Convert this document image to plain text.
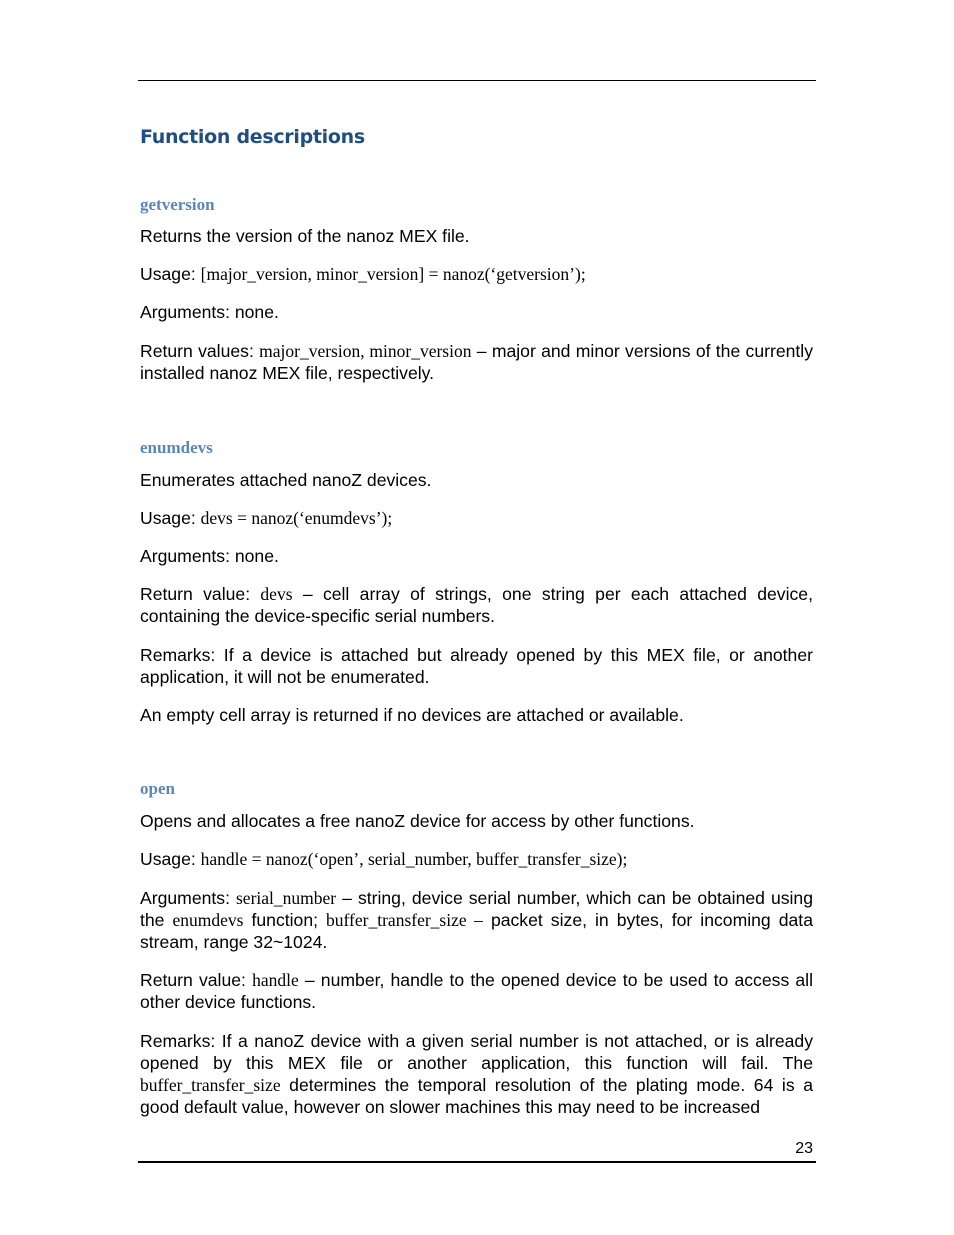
Function descriptions
getversion

Returns the version of the nanoz MEX file.

Usage: [major_version, minor_version] = nanoz(‘getversion’);

Arguments: none.

Return values: major_version, minor_version – major and minor versions of the currently installed nanoz MEX file, respectively.

enumdevs

Enumerates attached nanoZ devices.

Usage: devs = nanoz(‘enumdevs’);

Arguments: none.

Return value: devs – cell array of strings, one string per each attached device, containing the device-specific serial numbers.

Remarks: If a device is attached but already opened by this MEX file, or another application, it will not be enumerated.

An empty cell array is returned if no devices are attached or available.

open

Opens and allocates a free nanoZ device for access by other functions.

Usage: handle = nanoz(‘open’, serial_number, buffer_transfer_size);

Arguments: serial_number – string, device serial number, which can be obtained using the enumdevs function; buffer_transfer_size – packet size, in bytes, for incoming data stream, range 32~1024.

Return value: handle – number, handle to the opened device to be used to access all other device functions.

Remarks: If a nanoZ device with a given serial number is not attached, or is already opened by this MEX file or another application, this function will fail. The buffer_transfer_size determines the temporal resolution of the plating mode. 64 is a good default value, however on slower machines this may need to be increased

23
